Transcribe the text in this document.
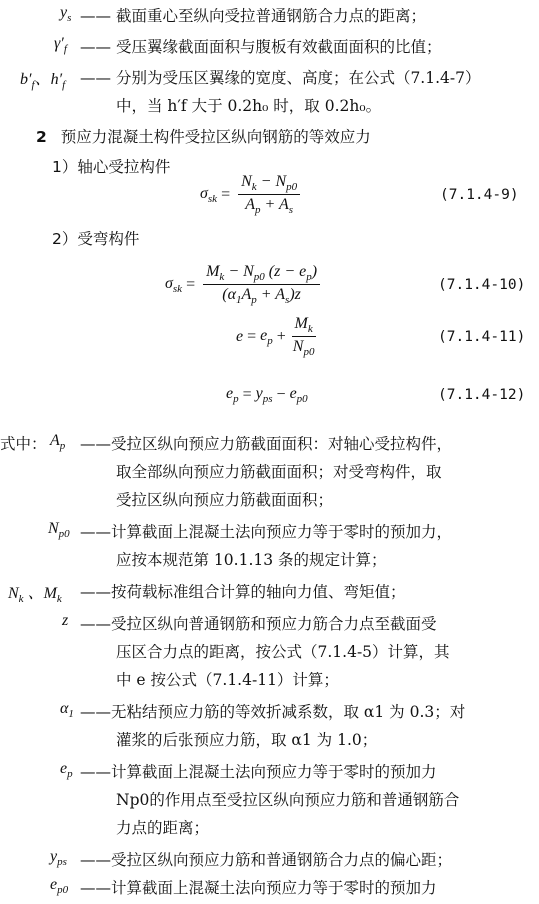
$y_s$ —— 截面重心至纵向受拉普通钢筋合力点的距离；
$\gamma'_f$ —— 受压翼缘截面面积与腹板有效截面面积的比值；
$b'_f$、$h'_f$ —— 分别为受压区翼缘的宽度、高度；在公式（7.1.4-7）
中，当 h′f 大于 0.2h₀ 时，取 0.2h₀。
2 预应力混凝土构件受拉区纵向钢筋的等效应力
1）轴心受拉构件
$\sigma_{sk} = \frac{N_k - N_{p0}}{A_p + A_s}$	(7.1.4-9)
2）受弯构件
$\sigma_{sk} = \frac{M_k - N_{p0} (z - e_p)}{(\alpha_1A_p + A_s)z}$	(7.1.4-10)
$e = e_p + \frac{M_k}{N_{p0}}$	(7.1.4-11)
$e_p = y_{ps} - e_{p0}$	(7.1.4-12)
式中： $A_p$ ——受拉区纵向预应力筋截面面积：对轴心受拉构件，
取全部纵向预应力筋截面面积；对受弯构件，取
受拉区纵向预应力筋截面面积；
$N_{p0}$ ——计算截面上混凝土法向预应力等于零时的预加力，
应按本规范第 10.1.13 条的规定计算；
$N_k$ 、$M_k$ ——按荷载标准组合计算的轴向力值、弯矩值；
z ——受拉区纵向普通钢筋和预应力筋合力点至截面受
压区合力点的距离，按公式（7.1.4-5）计算，其
中 e 按公式（7.1.4-11）计算；
$\alpha_1$ ——无粘结预应力筋的等效折减系数，取 α1 为 0.3；对
灌浆的后张预应力筋，取 α1 为 1.0；
$e_p$ ——计算截面上混凝土法向预应力等于零时的预加力
Np0的作用点至受拉区纵向预应力筋和普通钢筋合
力点的距离；
$y_{ps}$ ——受拉区纵向预应力筋和普通钢筋合力点的偏心距；
$e_{p0}$ ——计算截面上混凝土法向预应力等于零时的预加力
